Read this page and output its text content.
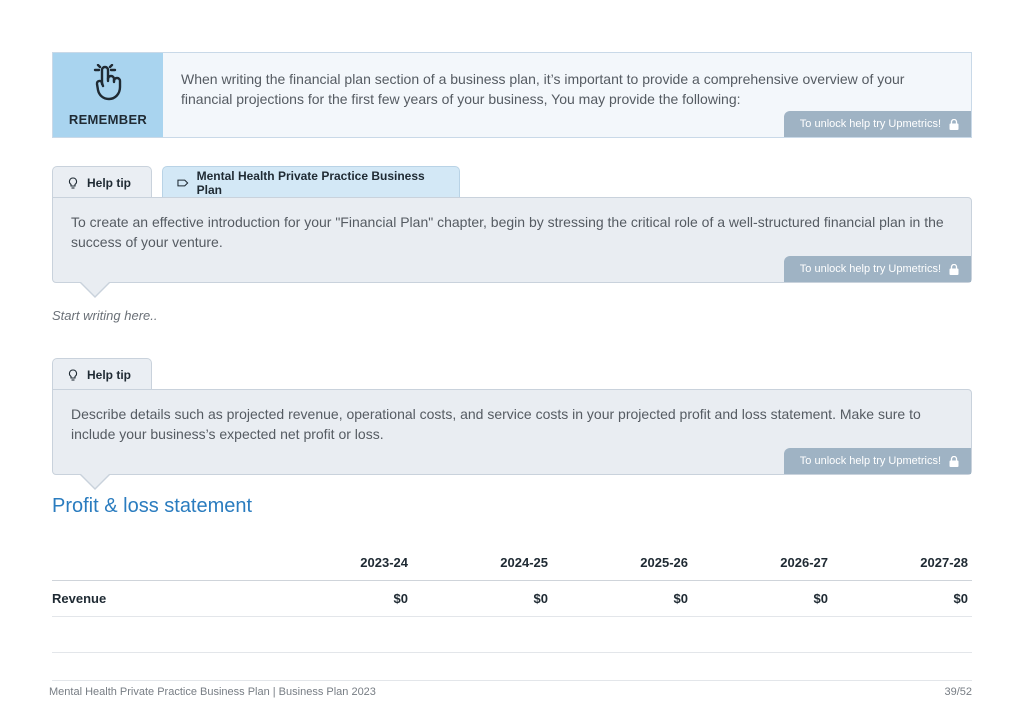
REMEMBER
When writing the financial plan section of a business plan, it’s important to provide a comprehensive overview of your financial projections for the first few years of your business, You may provide the following:
To unlock help try Upmetrics!
Help tip	Mental Health Private Practice Business Plan
To create an effective introduction for your "Financial Plan" chapter, begin by stressing the critical role of a well-structured financial plan in the success of your venture.
To unlock help try Upmetrics!
Start writing here..
Help tip
Describe details such as projected revenue, operational costs, and service costs in your projected profit and loss statement. Make sure to include your business’s expected net profit or loss.
To unlock help try Upmetrics!
Profit & loss statement
2023-24	2024-25	2025-26	2026-27	2027-28
Revenue	$0	$0	$0	$0	$0
Mental Health Private Practice Business Plan | Business Plan 2023	39/52
